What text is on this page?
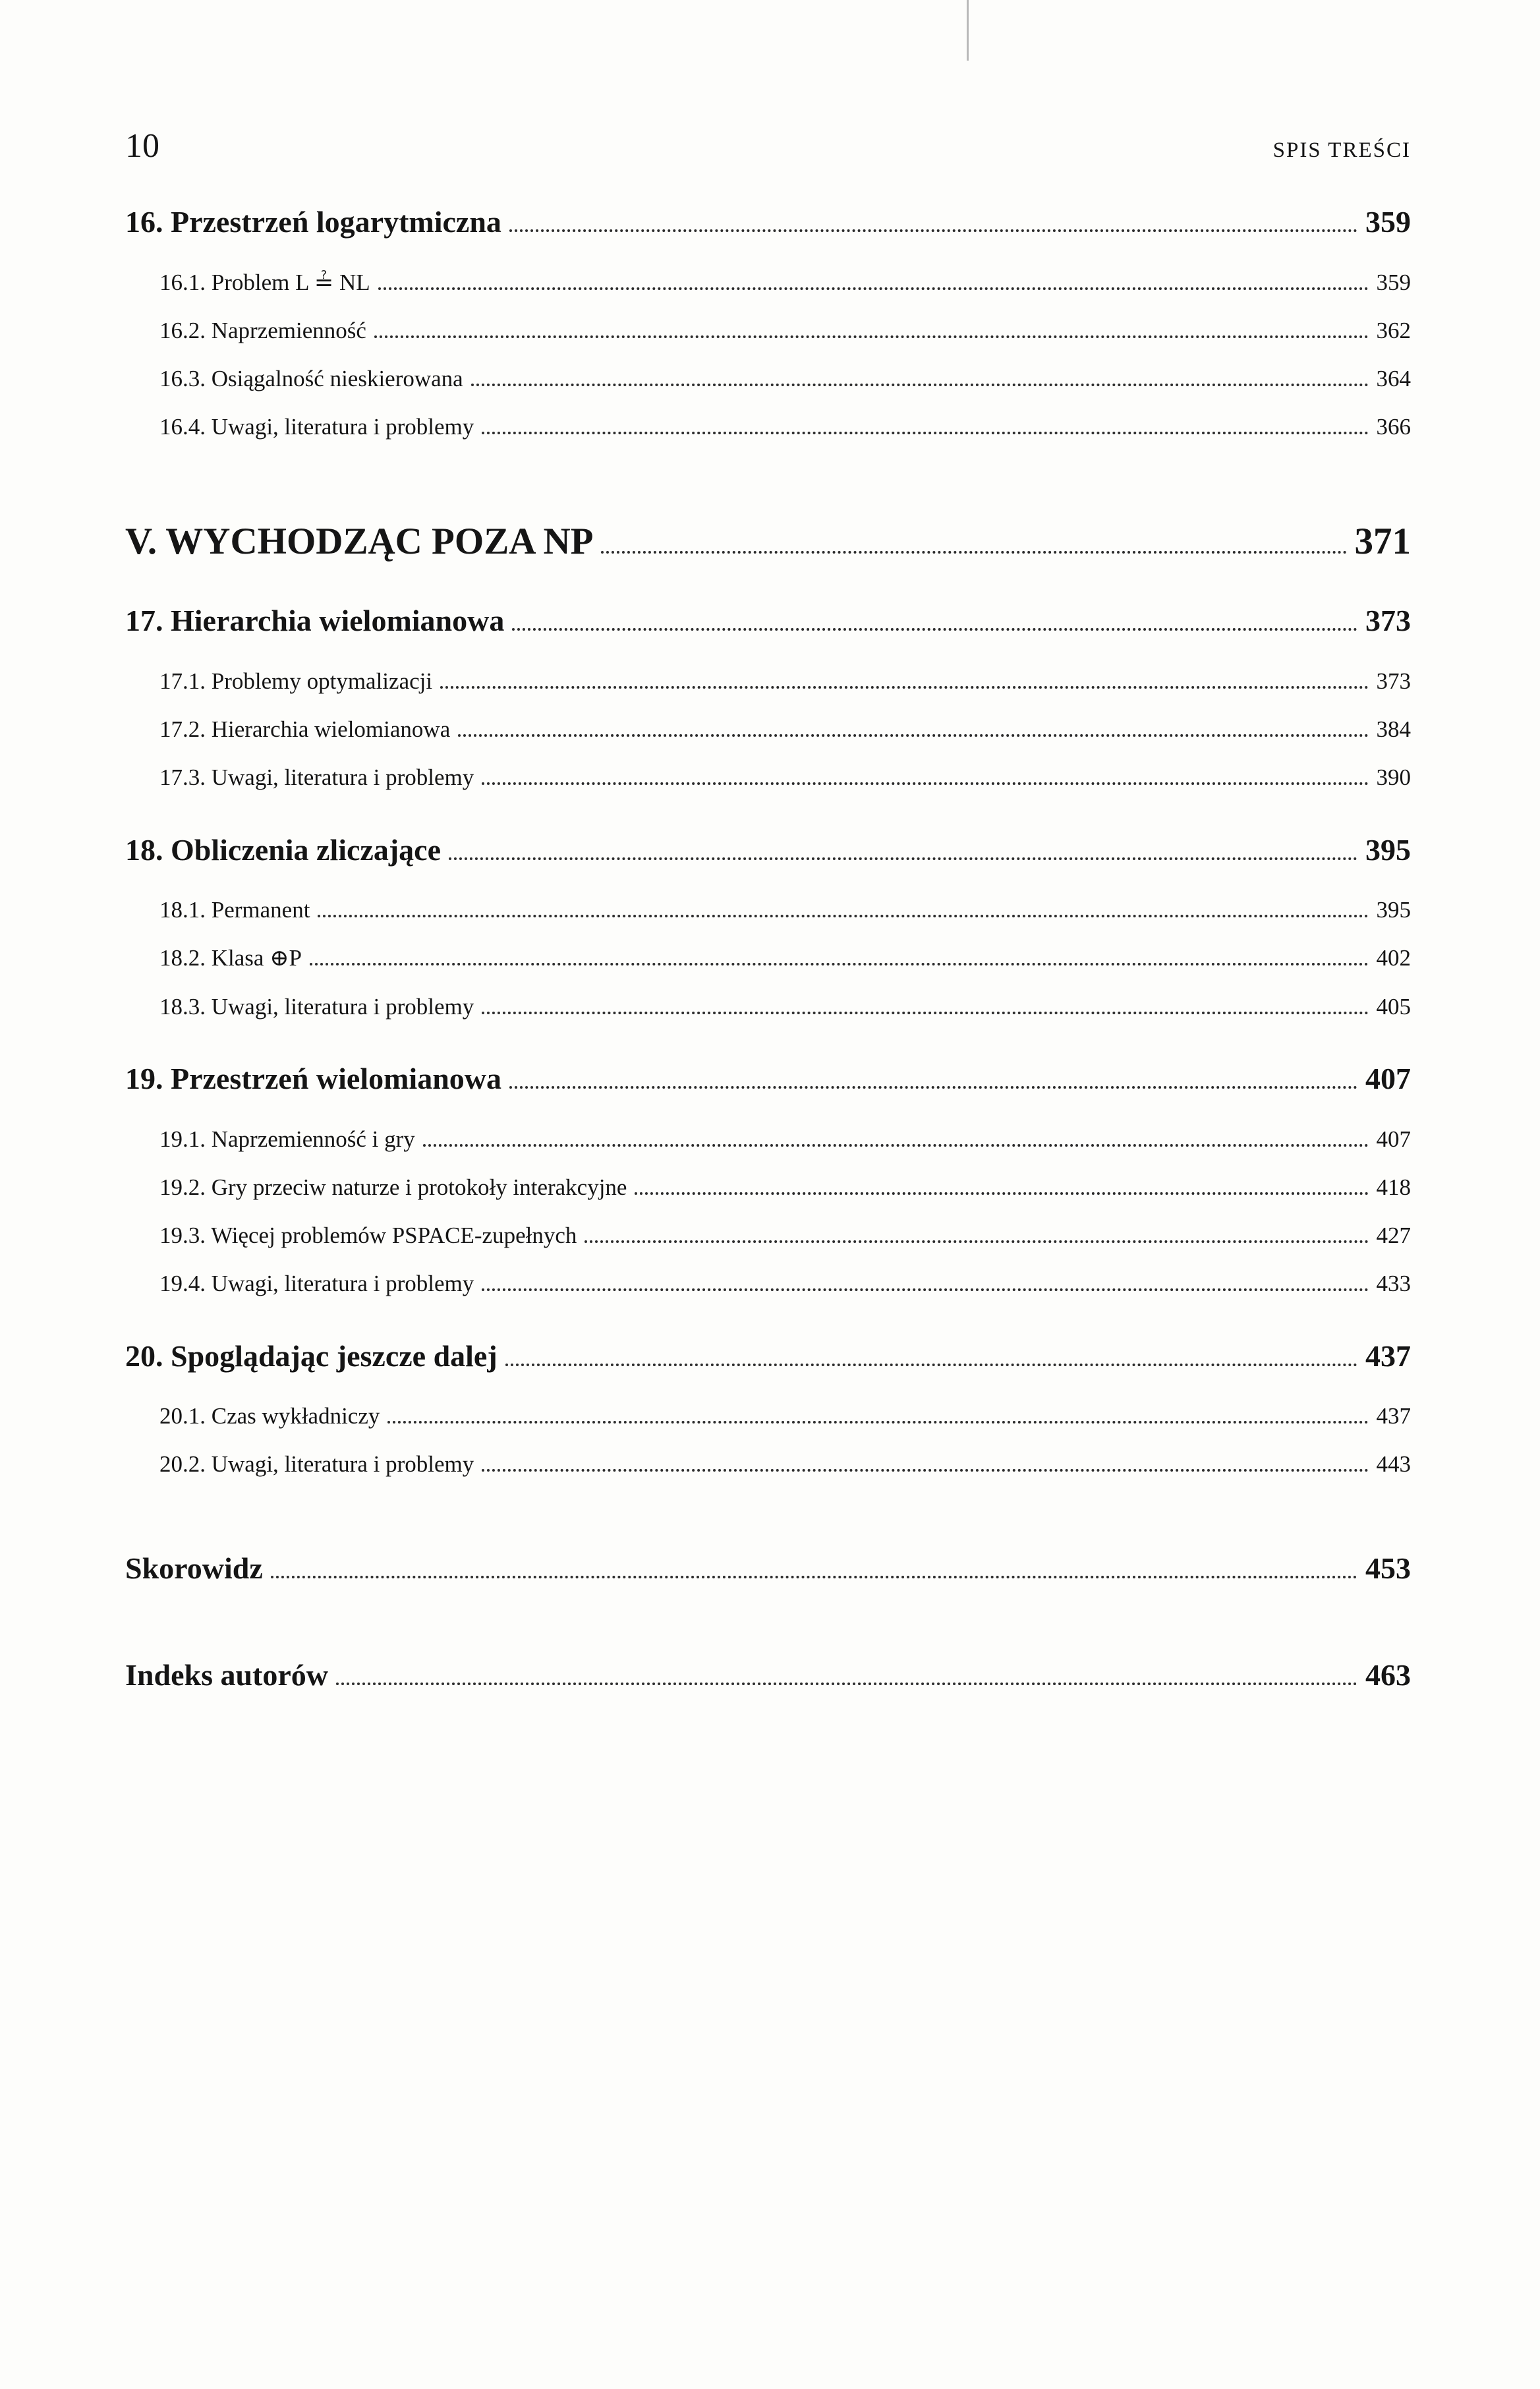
10	SPIS TREŚCI
16. Przestrzeń logarytmiczna	359
16.1. Problem L ≟ NL	359
16.2. Naprzemienność	362
16.3. Osiągalność nieskierowana	364
16.4. Uwagi, literatura i problemy	366
V. WYCHODZĄC POZA NP	371
17. Hierarchia wielomianowa	373
17.1. Problemy optymalizacji	373
17.2. Hierarchia wielomianowa	384
17.3. Uwagi, literatura i problemy	390
18. Obliczenia zliczające	395
18.1. Permanent	395
18.2. Klasa ⊕P	402
18.3. Uwagi, literatura i problemy	405
19. Przestrzeń wielomianowa	407
19.1. Naprzemienność i gry	407
19.2. Gry przeciw naturze i protokoły interakcyjne	418
19.3. Więcej problemów PSPACE-zupełnych	427
19.4. Uwagi, literatura i problemy	433
20. Spoglądając jeszcze dalej	437
20.1. Czas wykładniczy	437
20.2. Uwagi, literatura i problemy	443
Skorowidz	453
Indeks autorów	463
